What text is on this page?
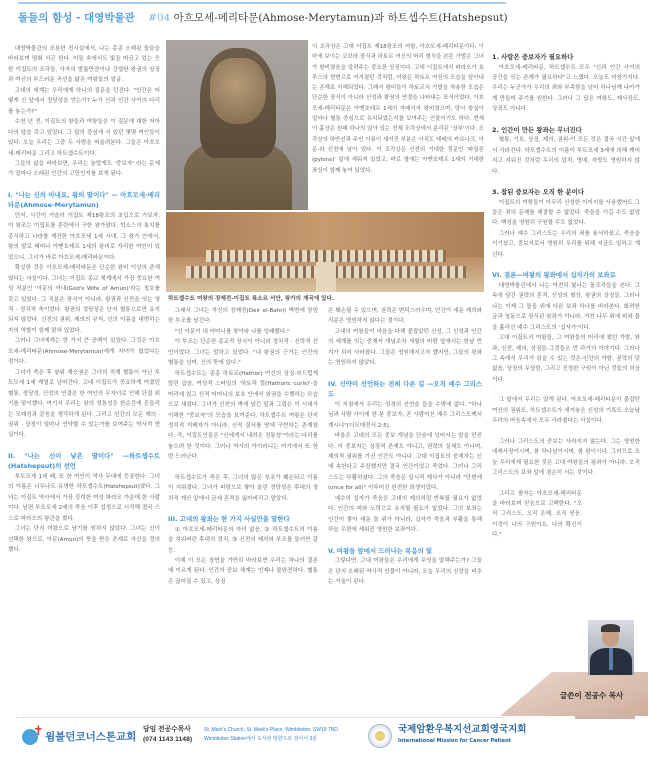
돌들의 함성 - 대영박물관 #04 아흐모세-메리타문(Ahmose-Merytamun)과 하트셉수트(Hatshepsut)

대영박물관의 조용한 전시실에서, 나는 종종 오래된 돌들을 바라보며 멈춰 서곤 한다. 어둠 속에서도 빛을 머금고 있는 듯한 이집트의 조각들. 사자의 발톱만큼이나 강렬한 왕권의 상징과 여신의 부드러운 곡선을 닮은 여왕들의 얼굴.

고대의 세계는 우리에게 하나의 질문을 던진다. "인간은 어떻게 신 앞에서 정당성을 얻는가? 누가 신과 인간 사이의 다리를 놓는가?"

수천 년 전, 이집트의 왕들과 여왕들은 이 질문에 대한 저마다의 답을 갖고 있었다. 그 답의 중심에 서 있던 몇몇 여인들이 있다. 오늘 우리는 그중 두 사람을 떠올려본다. 그들은 아흐모세-메리타문 그리고 하트셉수트이다.

그들의 삶을 바라보면, 우리는 놀랍게도 '중보자' 라는 문제가 얼마나 오래된 인간의 고민인지를 보게 된다.

I. "나는 신의 아내요, 왕의 딸이다" — 아흐모세-메리타문(Ahmose-Merytamun)

먼저, 시간이 거슬러 이집트 제18왕조의 초입으로 가보자. 이 왕조는 이집트를 혼란에서 구한 왕가였다. 힉소스의 통치를 종식하고 나라를 재건한 아흐모세 1세 시대, 그 왕가 안에서, 왕의 딸로 태어나 아멘호테프 1세의 왕비로 자리한 여인이 있었으니, 그녀가 바로 아흐모세-메리타문이다.

확실한 것은 아흐모세-메리타문은 단순한 왕비 이상의 존재였다는 사실이다. 그녀는 이집트 종교 체계에서 가장 중요한 여성 직분인 '아문의 아내(God's Wife of Amun)'라는 칭호를 갖고 있었다. 그 직분은 장식이 아니라, 왕권과 신전을 잇는 영적 · 정치적 축이었다. 왕권의 정당성은 단지 혈통으로만 유지되지 않았다. 신전의 권위, 제의의 규칙, 신의 이름을 대변하는 자의 역할이 함께 얽혀 있었다.

그러나 그녀에게는 한 가지 큰 공백이 있었다. 그것은 아흐모세-메리타문(Ahmose-Merytamun)에게 자녀가 없었다는 점이다.

그녀가 죽은 후 왕위 계승권은 그녀의 직계 혈통이 아닌 투트모세 1세 계열로 넘어간다. 고대 이집트가 중요하게 여겼던 혈통, 정당성, 신성의 연결은 한 여인의 무자녀로 인해 단절 위기를 맞이했다. 여기서 우리는 왕의 정통성은 한순간에 흔들리는 모래성과 같음을 생각하게 된다. 그리고 인간의 모든 제의 · 권위 · 상징이 얼마나 연약할 수 있는가를 보여주는 역사적 현실이다.

II. "나는 신이 낳은 딸이다" —하트셉수트(Hatshepsut)의 선언

투트모세 1세 때, 또 한 여인이 역사 무대에 등장한다. 그녀의 이름은 너무나도 유명한 하트셉수트(Hatshepsut)였다. 그녀는 이집트 역사에서 가장 강력한 여성 파라오 가운데 한 사람이다. 남편 투트모세 2세의 죽음 이후 섭정으로 시작해 결국 스스로 파라오의 왕관을 썼다.

그녀는 단지 여왕으로 남기를 원하지 않았다. 그녀는 신이 선택한 왕으로, 아문(Amun)의 뜻을 받은 존재로 자신을 정의했다.

이 조각상은 고대 이집트 제18왕조의 여왕, 아흐모세-메리타문이다. 이마에 보이는 코브라 장식과 하토르 여신의 머리 형식을 본뜬 가발은 그녀가 왕비였음을 알려주는 중요한 상징이다. 고대 이집트에서 파라오가 호루스의 현현으로 여겨졌던 것처럼, 여왕은 하토르 여신의 모습을 담아내는 존재로 이해되었다. 그래서 왕비들이 하토르식 가발을 착용한 모습은 단순한 장식이 아니라 신성과 왕권의 연결을 나타내는 표식이었다. 아흐모세-메리타문은 아멘호테프 1세의 자매이자 왕비였으며, 당시 왕실이 얼마나 혈통 중심으로 유지되었는지를 보여주는 인물이기도 하다. 현재 이 흉상은 원래 하나의 앉아 있는 전체 조각상에서 분리된 '상부'이다. 조각상의 하반신과 주인 이름이 새겨진 부분은 아직도 테베의 카르나크, 아문-라 신전에 남아 있다. 이 조각상은 신전의 거대한 정문인 '파일론(pylons)' 앞에 세워져 있었고, 바로 옆에는 아멘호테프 1세의 거대한 좌상이 함께 놓여 있었다.

하트셉수트 여왕의 장제전-이집트 룩소르 서안, 왕가의 계곡에 있다.

그래서 그녀는 자신의 장제전(Deir el-Bahri) 벽면에 장엄한 부조를 남긴다.

"신 아문이 내 어머니를 찾아와 나를 잉태했다."

이 부조는 단순한 종교적 장식이 아니라 정치적 · 신학적 선언이었다. 그녀는 말하고 있었다. "내 왕권의 근거는 인간의 혈통을 넘어, 신의 뜻에 있다."

하트셉수트는 종종 하토르(Hathor) 여신의 상징-부드럽게 말린 곱슬, 여성적 스타일의 '하토릭 컬(Hathoric curls)'-을 머리에 얹고 신적 어머니의 보호 안에서 왕권을 수행하는 모습으로 새겼다. 그녀가 신전의 벽에 남긴 말과 그림은 이 시대가 이해한 "중보자"의 모습을 보여준다. 하트셉수트 여왕은 단지 정치적 지배자가 아니라, 신적 질서를 땅에 구현하는 존재였다. 즉, 이집트인들은 "신에게서 내려온 정통성"이라는 다리를 놓으려 한 것이다. 그러나 역사의 아이러니는 여기에서 또 한 번 드러난다.

하트셉수트가 죽은 후, 그녀의 많은 부조가 훼손되고 이름이 지워졌다. 그녀가 피땀으로 쌓아 올린 정당성은 후대의 정치적 계산 앞에서 금세 흔적을 잃어버리고 말았다.

III. 고대의 왕좌는 한 가지 사실만을 말한다

① 아흐모세-메리타문의 자녀 없음, ② 하트셉수트의 이름을 지워버린 후대의 정치, ③ 신전의 제의와 부조를 둘러싼 갈등.

이제 이 모든 장면을 가만히 바라보면 우리는 하나의 결론에 이르게 된다. 인간의 중보 체계는 언제나 불완전하다. 혈통은 끊어질 수 있고, 상징

은 훼손될 수 있으며, 권력은 변덕스러우며, 인간이 세운 제의와 직분은 영원하지 않다는 점이다.

고대의 여왕들이 마음을 다해 붙잡았던 신성, 그 신성과 인간의 세계를 잇는 중재자 개념조차 세월의 바람 앞에서는 한낱 먼지가 되어 사라졌다. 그들은 영원해지고자 했지만, 그들의 왕좌는 영원하지 않았다.

IV. 신약이 선언하는 전혀 다른 길 —오직 예수 그리스도

이 지점에서 우리는 성경의 선언을 들을 수밖에 없다. "하나님과 사람 사이에 한 분 중보자, 곧 사람이신 예수 그리스도께서 계시니"(디모데전서 2:5).

바울은 고대의 모든 중보 개념을 단숨에 넘어서는 말을 던진다. 이 중보자는 상징적 존재도 아니고, 권력의 실체도 아니며, 제의적 권위를 가진 인간도 아니다. 고대 이집트의 중재자는 신에 속한다고 주장했지만 결국 인간이었고 죽었다. 그러나 그리스도는 부활하셨다. 그의 죽음은 일시적 제사가 아니라 "단번에(once for all)" 이루어진 완전한 희생이었다.

예수의 십자가 죽음은 고대의 제의처럼 반복될 필요가 없었다. 인간의 피와 노력으로 유지될 필요가 없었다. 그의 보좌는 인간이 쌓아 세운 돌 위가 아니라, 십자가 죽음과 부활을 통해 하늘 우편에 세워진 영원한 보좌이다.

V. 여왕들 앞에서 드러나는 복음의 빛

그렇다면, 고대 여왕들은 우리에게 무엇을 말해주는가? 그들은 단지 오래된 역사적 인물이 아니라, 오늘 우리의 신앙을 비추는 거울이 된다.

1. 사람은 중보자가 필요하다

아흐모세-메리타문, 하트셉수트 모두 "신과 인간 사이의 공간을 잇는 존재가 필요하다"고 느꼈다. 오늘도 마찬가지다. 우리는 누군가가 우리의 죄와 부족함을 넘어 하나님께 나아가게 만들어 주기를 원한다. 그러나 그 답은 여왕도, 제사장도, 상징도 아니다.

2. 인간이 만든 왕좌는 무너진다

혈통, 기호, 상징, 제의, 권위-이 모든 것은 결국 시간 앞에서 사라진다. 하트셉수트의 이름이 투트모세 3세에 의해 깨어지고 지워진 것처럼 우리의 업적, 명예, 자랑도 영원하지 않다.

3. 참된 중보자는 오직 한 분이다

이집트의 여왕들이 아무리 신성한 이미지를 사용했어도 그들은 죄의 문제를 해결할 수 없었다. 죽음을 이길 수도 없었다. 백성을 영원히 구원할 수도 없었다.

그러나 예수 그리스도는 우리의 죄를 용서하셨고, 죽음을 이기셨고, 중보자로서 영원히 우리를 위해 지금도 일하고 계신다.

VI. 결론—여왕의 왕좌에서 십자가의 보좌로

대영박물관에서 나는 여전히 빛나는 돌조각들을 본다. 그 속에 담긴 권력의 흔적, 신성의 형상, 왕권의 상징들. 그러나 나는 이제 그 돌들 위에 다른 보좌 하나를 바라본다. 화려한 금과 청동으로 장식된 왕좌가 아니라, 거친 나무 위에 피와 물을 흘리신 예수 그리스도의 '십자가'이다.

고대 이집트의 여왕들, 그 여왕들의 머리에 썼던 가발, 왕좌, 신전, 제의, 상징들-그것들은 먼 과거의 이야기다. 그러나 그 속에서 우리가 읽을 수 있는 것은-인간의 약함, 권력의 덧없음, 상징의 무상함, 그리고 진정한 구원이 아닌 것들의 허상이다.

그 앞에서 우리는 알게 된다. 아흐모세-메리타문이 붙잡던 여신의 권위도, 하트셉수트가 새겨놓은 신성의 기록도 오늘날 우리의 마음속에서 모두 사라졌다는 사실이다.

그러나 그리스도의 중보는 사라지지 않는다. 그는 영원한 대제사장이시며, 참 하나님이시며, 참 왕이시다. 그러므로 오늘 우리에게 필요한 것은 고대 여왕들의 왕좌가 아니라, 오직 그리스도의 보좌 앞에 겸손히 서는 것이다.

그리고 필자는 아흐모세-메리타문을 바라보며 믿음으로 고백한다. "오직 그리스도, 오직 은혜, 오직 믿음. 이것이 나의 구원이요, 나의 확신이다."

글쓴이 전공수 목사
✝ 윔블던코너스톤교회
담임 전공수목사
(074 1143 1148)
St. Mark's Church, St. Mark's Place, Wimbledon, SW19 7ND
Wimbledon Station에서 도서관 방향으로 걸어서 3분
국제암환우복지선교회영국지회
International Mission for Cancer Patient
